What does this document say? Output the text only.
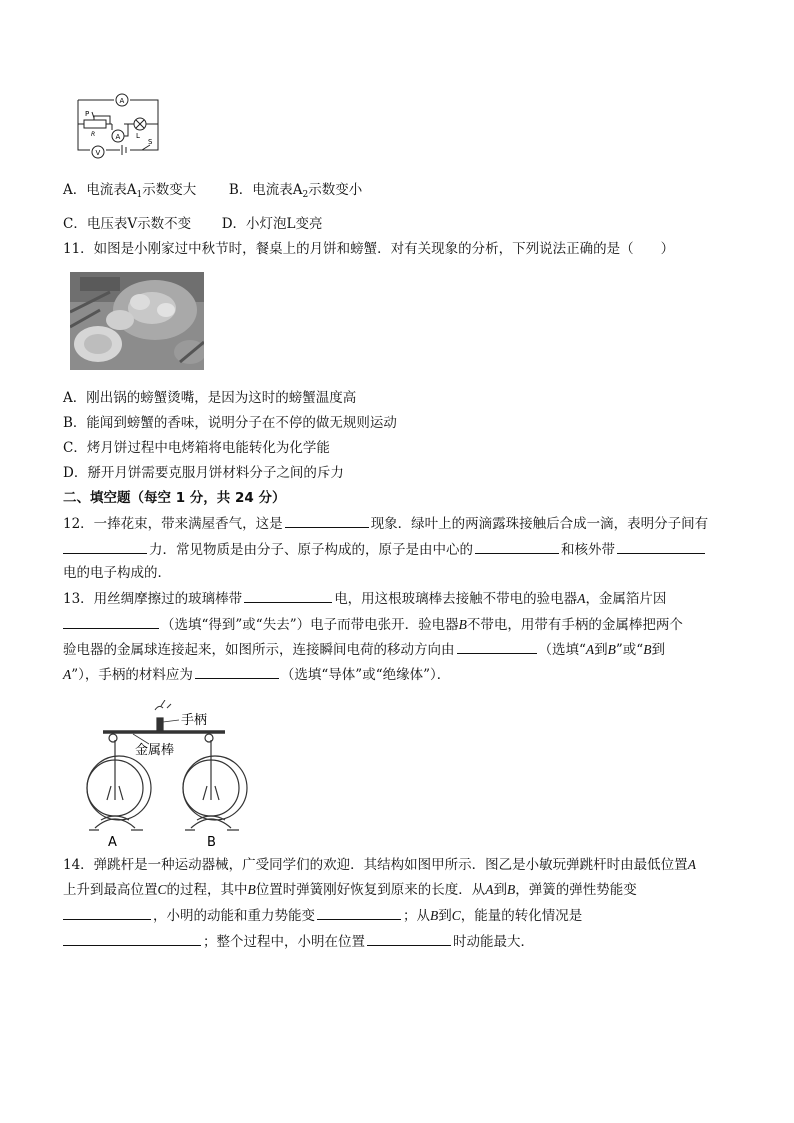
A
A
V
P
R	L
S
A．电流表$A_1$示数变大 B．电流表$A_2$示数变小
C．电压表V示数不变 D．小灯泡L变亮
11．如图是小刚家过中秋节时，餐桌上的月饼和螃蟹．对有关现象的分析，下列说法正确的是（　　）
A．刚出锅的螃蟹烫嘴，是因为这时的螃蟹温度高
B．能闻到螃蟹的香味，说明分子在不停的做无规则运动
C．烤月饼过程中电烤箱将电能转化为化学能
D．掰开月饼需要克服月饼材料分子之间的斥力
二、填空题（每空 1 分，共 24 分）
12．一捧花束，带来满屋香气，这是	现象．绿叶上的两滴露珠接触后合成一滴，表明分子间有
力．常见物质是由分子、原子构成的，原子是由中心的	和核外带
电的电子构成的．
13．用丝绸摩擦过的玻璃棒带	电，用这根玻璃棒去接触不带电的验电器A，金属箔片因
（选填“得到”或“失去”）电子而带电张开．验电器B不带电，用带有手柄的金属棒把两个
验电器的金属球连接起来，如图所示，连接瞬间电荷的移动方向由	（选填“A到B”或“B到
A”），手柄的材料应为	（选填“导体”或“绝缘体”）．
手柄
金属棒
A	B
14．弹跳杆是一种运动器械，广受同学们的欢迎．其结构如图甲所示．图乙是小敏玩弹跳杆时由最低位置A
上升到最高位置C的过程，其中B位置时弹簧刚好恢复到原来的长度．从A到B，弹簧的弹性势能变
，小明的动能和重力势能变	；从B到C，能量的转化情况是
；整个过程中，小明在位置	时动能最大．
